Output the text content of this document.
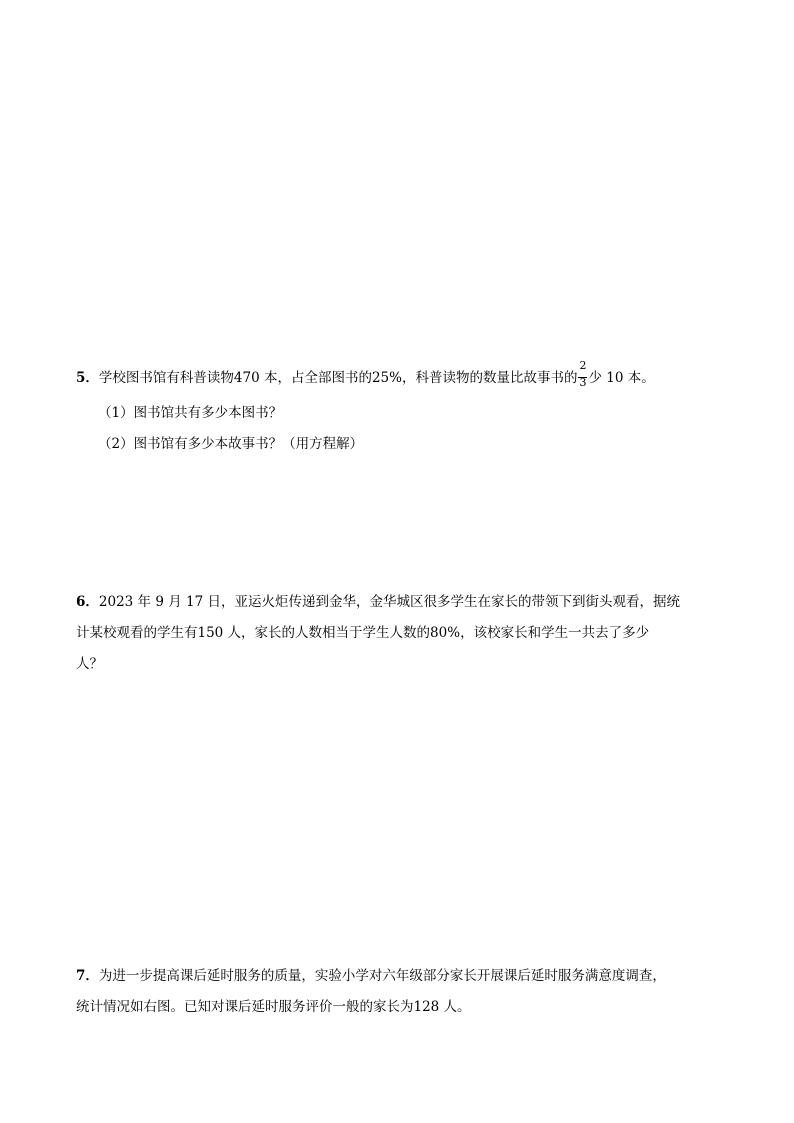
5．学校图书馆有科普读物470 本，占全部图书的25%，科普读物的数量比故事书的 $\frac{2}{3}$ 少 10 本。
（1）图书馆共有多少本图书？
（2）图书馆有多少本故事书？（用方程解）
6．2023 年 9 月 17 日，亚运火炬传递到金华，金华城区很多学生在家长的带领下到街头观看，据统
计某校观看的学生有150 人，家长的人数相当于学生人数的80%，该校家长和学生一共去了多少
人？
7．为进一步提高课后延时服务的质量，实验小学对六年级部分家长开展课后延时服务满意度调查，
统计情况如右图。已知对课后延时服务评价一般的家长为128 人。
